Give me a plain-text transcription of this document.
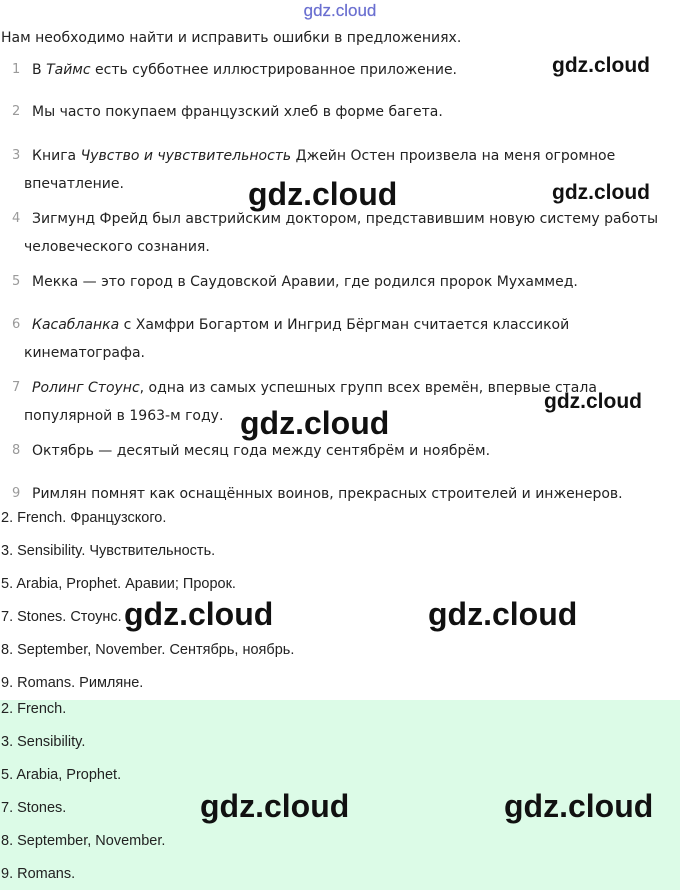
gdz.cloud
Нам необходимо найти и исправить ошибки в предложениях.
1 В Таймс есть субботнее иллюстрированное приложение.
2 Мы часто покупаем французский хлеб в форме багета.
3 Книга Чувство и чувствительность Джейн Остен произвела на меня огромное
впечатление.
4 Зигмунд Фрейд был австрийским доктором, представившим новую систему работы
человеческого сознания.
5 Мекка — это город в Саудовской Аравии, где родился пророк Мухаммед.
6 Касабланка с Хамфри Богартом и Ингрид Бёргман считается классикой
кинематографа.
7 Ролинг Стоунс, одна из самых успешных групп всех времён, впервые стала
популярной в 1963-м году.
8 Октябрь — десятый месяц года между сентябрём и ноябрём.
9 Римлян помнят как оснащённых воинов, прекрасных строителей и инженеров.
2. French. Французского.
3. Sensibility. Чувствительность.
5. Arabia, Prophet. Аравии; Пророк.
7. Stones. Стоунс.
8. September, November. Сентябрь, ноябрь.
9. Romans. Римляне.
2. French.
3. Sensibility.
5. Arabia, Prophet.
7. Stones.
8. September, November.
9. Romans.
gdz.cloud
gdz.cloud	gdz.cloud
gdz.cloud
gdz.cloud
gdz.cloud	gdz.cloud
gdz.cloud	gdz.cloud
